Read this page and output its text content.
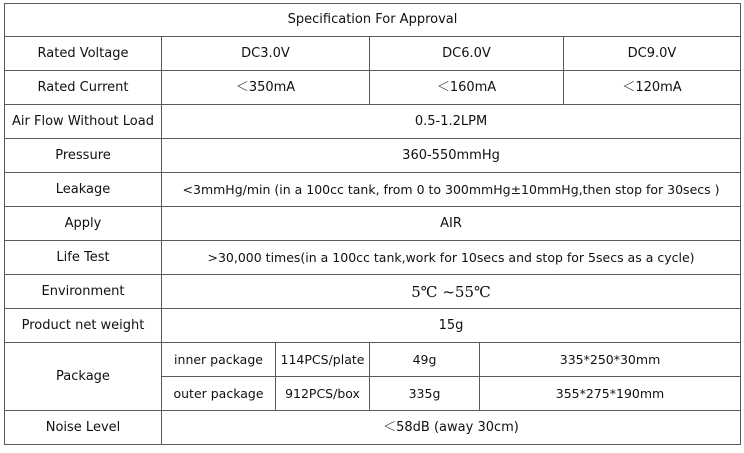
Specification For Approval					
Rated Voltage	DC3.0V		DC6.0V		DC9.0V
Rated Current	＜350mA		＜160mA		＜120mA
Air Flow Without Load	0.5-1.2LPM				
Pressure	360-550mmHg				
Leakage	<3mmHg/min (in a 100cc tank, from 0 to 300mmHg±10mmHg,then stop for 30secs )				
Apply	AIR				
Life Test	>30,000 times(in a 100cc tank,work for 10secs and stop for 5secs as a cycle)				
Environment	5℃ ~55℃				
Product net weight	15g				
Package	inner package	114PCS/plate	49g	335*250*30mm	
	outer package	912PCS/box	335g	355*275*190mm	
Noise Level	＜58dB (away 30cm)				
